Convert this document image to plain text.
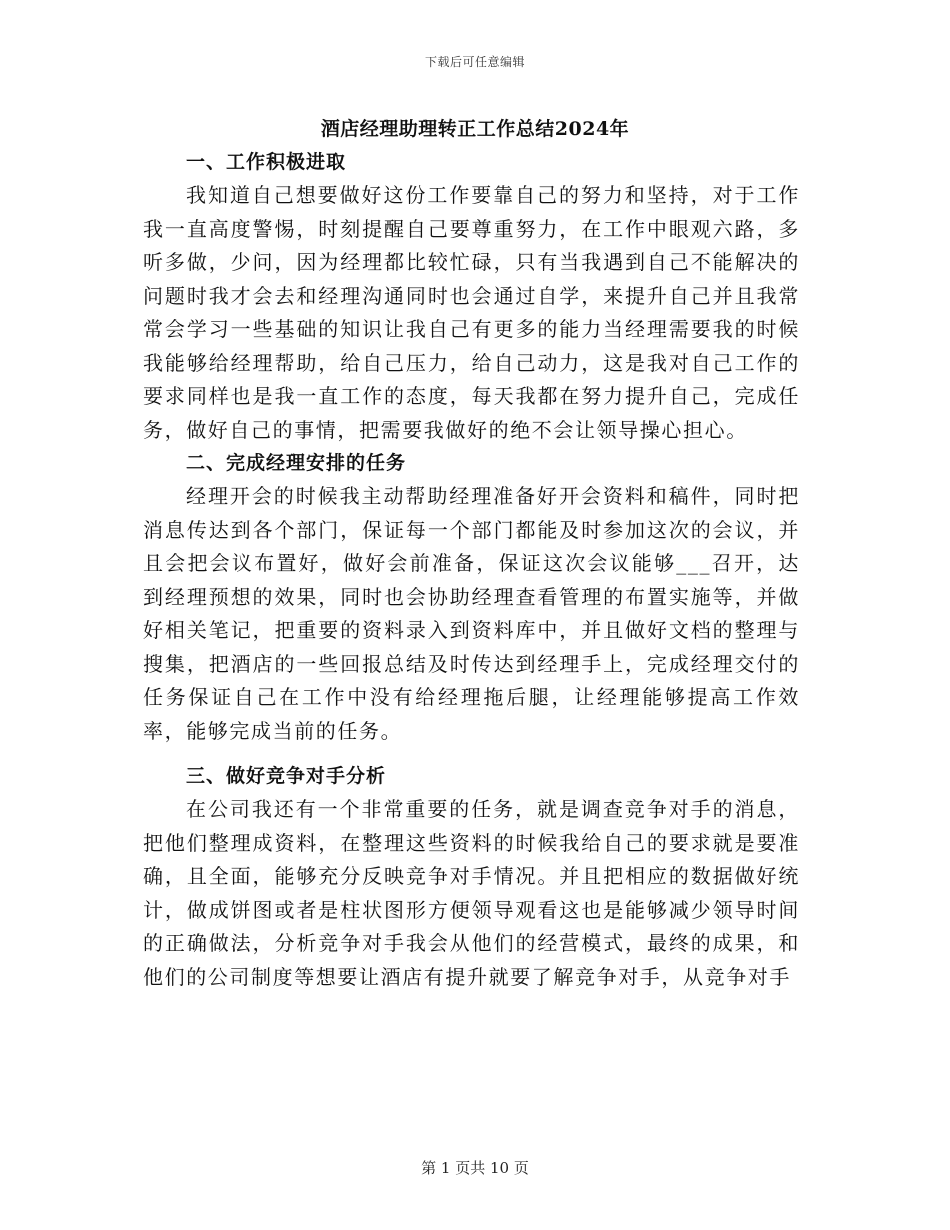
下载后可任意编辑
酒店经理助理转正工作总结2024年
一、工作积极进取

我知道自己想要做好这份工作要靠自己的努力和坚持，对于工作我一直高度警惕，时刻提醒自己要尊重努力，在工作中眼观六路，多听多做，少问，因为经理都比较忙碌，只有当我遇到自己不能解决的问题时我才会去和经理沟通同时也会通过自学，来提升自己并且我常常会学习一些基础的知识让我自己有更多的能力当经理需要我的时候我能够给经理帮助，给自己压力，给自己动力，这是我对自己工作的要求同样也是我一直工作的态度，每天我都在努力提升自己，完成任务，做好自己的事情，把需要我做好的绝不会让领导操心担心。

二、完成经理安排的任务

经理开会的时候我主动帮助经理准备好开会资料和稿件，同时把消息传达到各个部门，保证每一个部门都能及时参加这次的会议，并且会把会议布置好，做好会前准备，保证这次会议能够___召开，达到经理预想的效果，同时也会协助经理查看管理的布置实施等，并做好相关笔记，把重要的资料录入到资料库中，并且做好文档的整理与搜集，把酒店的一些回报总结及时传达到经理手上，完成经理交付的任务保证自己在工作中没有给经理拖后腿，让经理能够提高工作效率，能够完成当前的任务。

三、做好竞争对手分析

在公司我还有一个非常重要的任务，就是调查竞争对手的消息，把他们整理成资料，在整理这些资料的时候我给自己的要求就是要准确，且全面，能够充分反映竞争对手情况。并且把相应的数据做好统计，做成饼图或者是柱状图形方便领导观看这也是能够减少领导时间的正确做法，分析竞争对手我会从他们的经营模式，最终的成果，和他们的公司制度等想要让酒店有提升就要了解竞争对手，从竞争对手

第 1 页共 10 页
